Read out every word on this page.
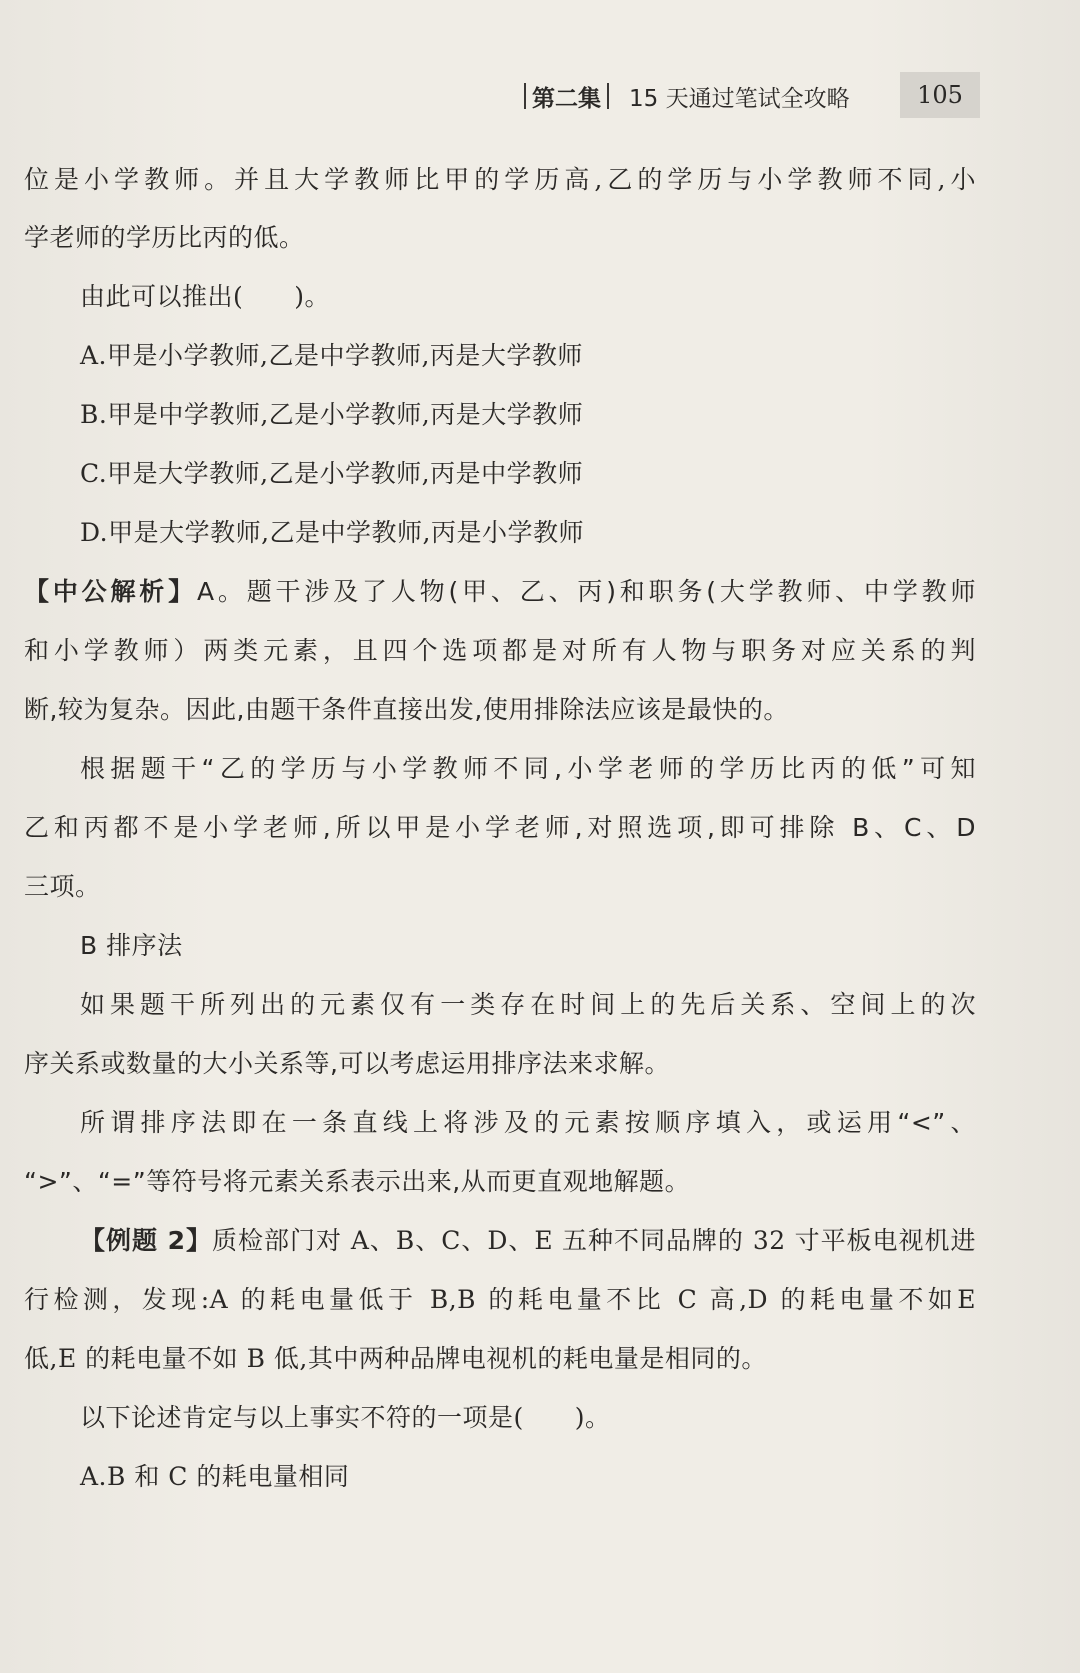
第二集 15 天通过笔试全攻略	105
位是小学教师。并且大学教师比甲的学历高,乙的学历与小学教师不同,小
学老师的学历比丙的低。
由此可以推出(　　)。
A.甲是小学教师,乙是中学教师,丙是大学教师
B.甲是中学教师,乙是小学教师,丙是大学教师
C.甲是大学教师,乙是小学教师,丙是中学教师
D.甲是大学教师,乙是中学教师,丙是小学教师
【中公解析】A。题干涉及了人物(甲、乙、丙)和职务(大学教师、中学教师
和小学教师）两类元素，且四个选项都是对所有人物与职务对应关系的判
断,较为复杂。因此,由题干条件直接出发,使用排除法应该是最快的。
根据题干“乙的学历与小学教师不同,小学老师的学历比丙的低”可知
乙和丙都不是小学老师,所以甲是小学老师,对照选项,即可排除 B、C、D
三项。
B 排序法
如果题干所列出的元素仅有一类存在时间上的先后关系、空间上的次
序关系或数量的大小关系等,可以考虑运用排序法来求解。
所谓排序法即在一条直线上将涉及的元素按顺序填入，或运用“<”、
“>”、“=”等符号将元素关系表示出来,从而更直观地解题。
【例题 2】质检部门对 A、B、C、D、E 五种不同品牌的 32 寸平板电视机进
行检测，发现:A 的耗电量低于 B,B 的耗电量不比 C 高,D 的耗电量不如E
低,E 的耗电量不如 B 低,其中两种品牌电视机的耗电量是相同的。
以下论述肯定与以上事实不符的一项是(　　)。
A.B 和 C 的耗电量相同
